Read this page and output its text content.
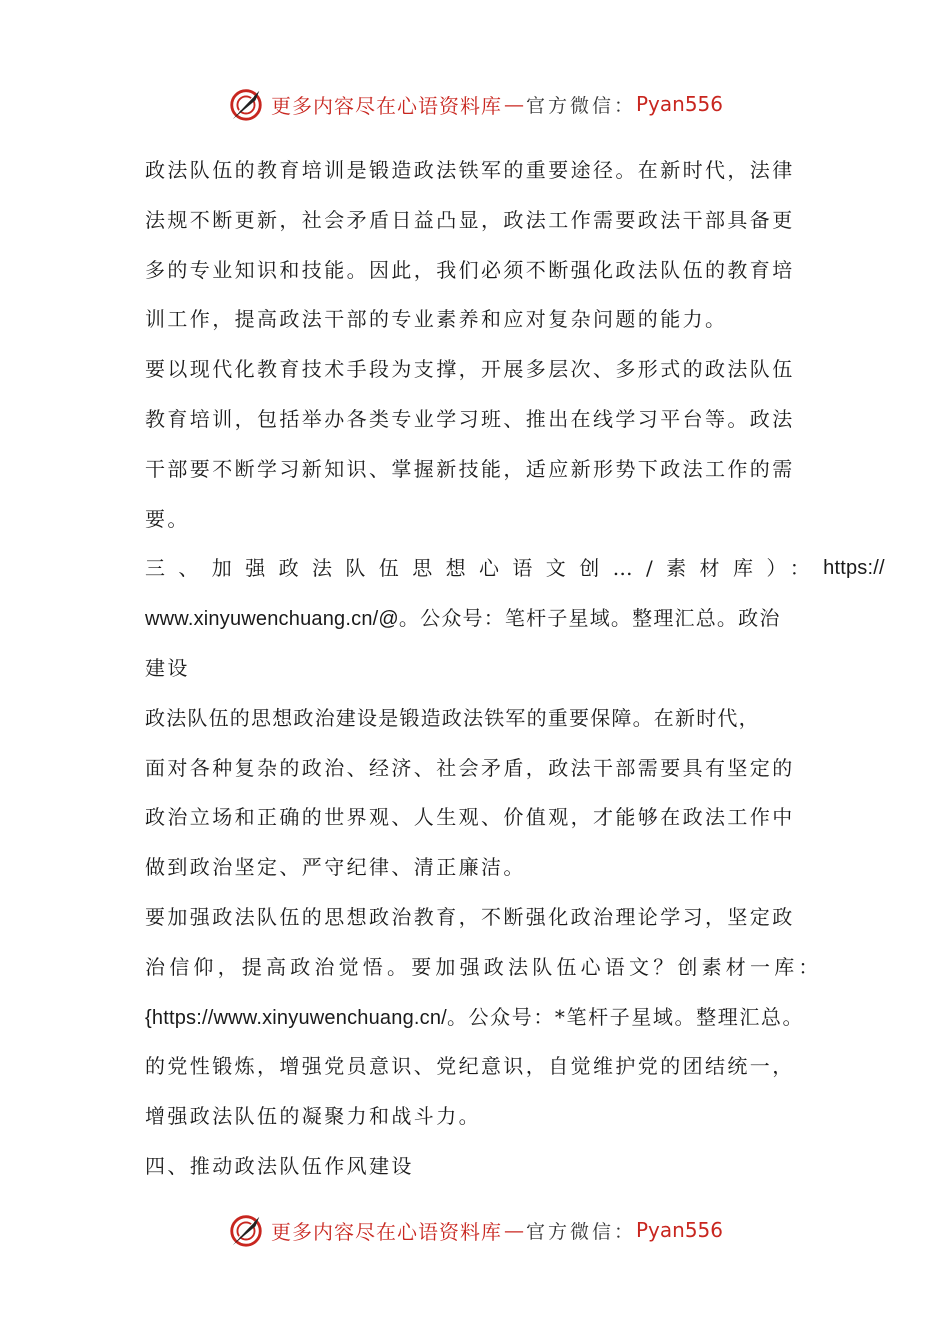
更多内容尽在心语资料库 — 官方微信： Pyan556
政法队伍的教育培训是锻造政法铁军的重要途径。在新时代，法律
法规不断更新，社会矛盾日益凸显，政法工作需要政法干部具备更
多的专业知识和技能。因此，我们必须不断强化政法队伍的教育培
训工作，提高政法干部的专业素养和应对复杂问题的能力。
要以现代化教育技术手段为支撑，开展多层次、多形式的政法队伍
教育培训，包括举办各类专业学习班、推出在线学习平台等。政法
干部要不断学习新知识、掌握新技能，适应新形势下政法工作的需
要。
三、加强政法队伍思想心语文创…/素材库）： https://
www.xinyuwenchuang.cn/@。公众号：笔杆子星域。整理汇总。政治
建设
政法队伍的思想政治建设是锻造政法铁军的重要保障。在新时代，
面对各种复杂的政治、经济、社会矛盾，政法干部需要具有坚定的
政治立场和正确的世界观、人生观、价值观，才能够在政法工作中
做到政治坚定、严守纪律、清正廉洁。
要加强政法队伍的思想政治教育，不断强化政治理论学习，坚定政
治信仰，提高政治觉悟。要加强政法队伍心语文？创素材一库：
{https://www.xinyuwenchuang.cn/。公众号：*笔杆子星域。整理汇总。
的党性锻炼，增强党员意识、党纪意识，自觉维护党的团结统一，
增强政法队伍的凝聚力和战斗力。
四、推动政法队伍作风建设
更多内容尽在心语资料库 — 官方微信： Pyan556
